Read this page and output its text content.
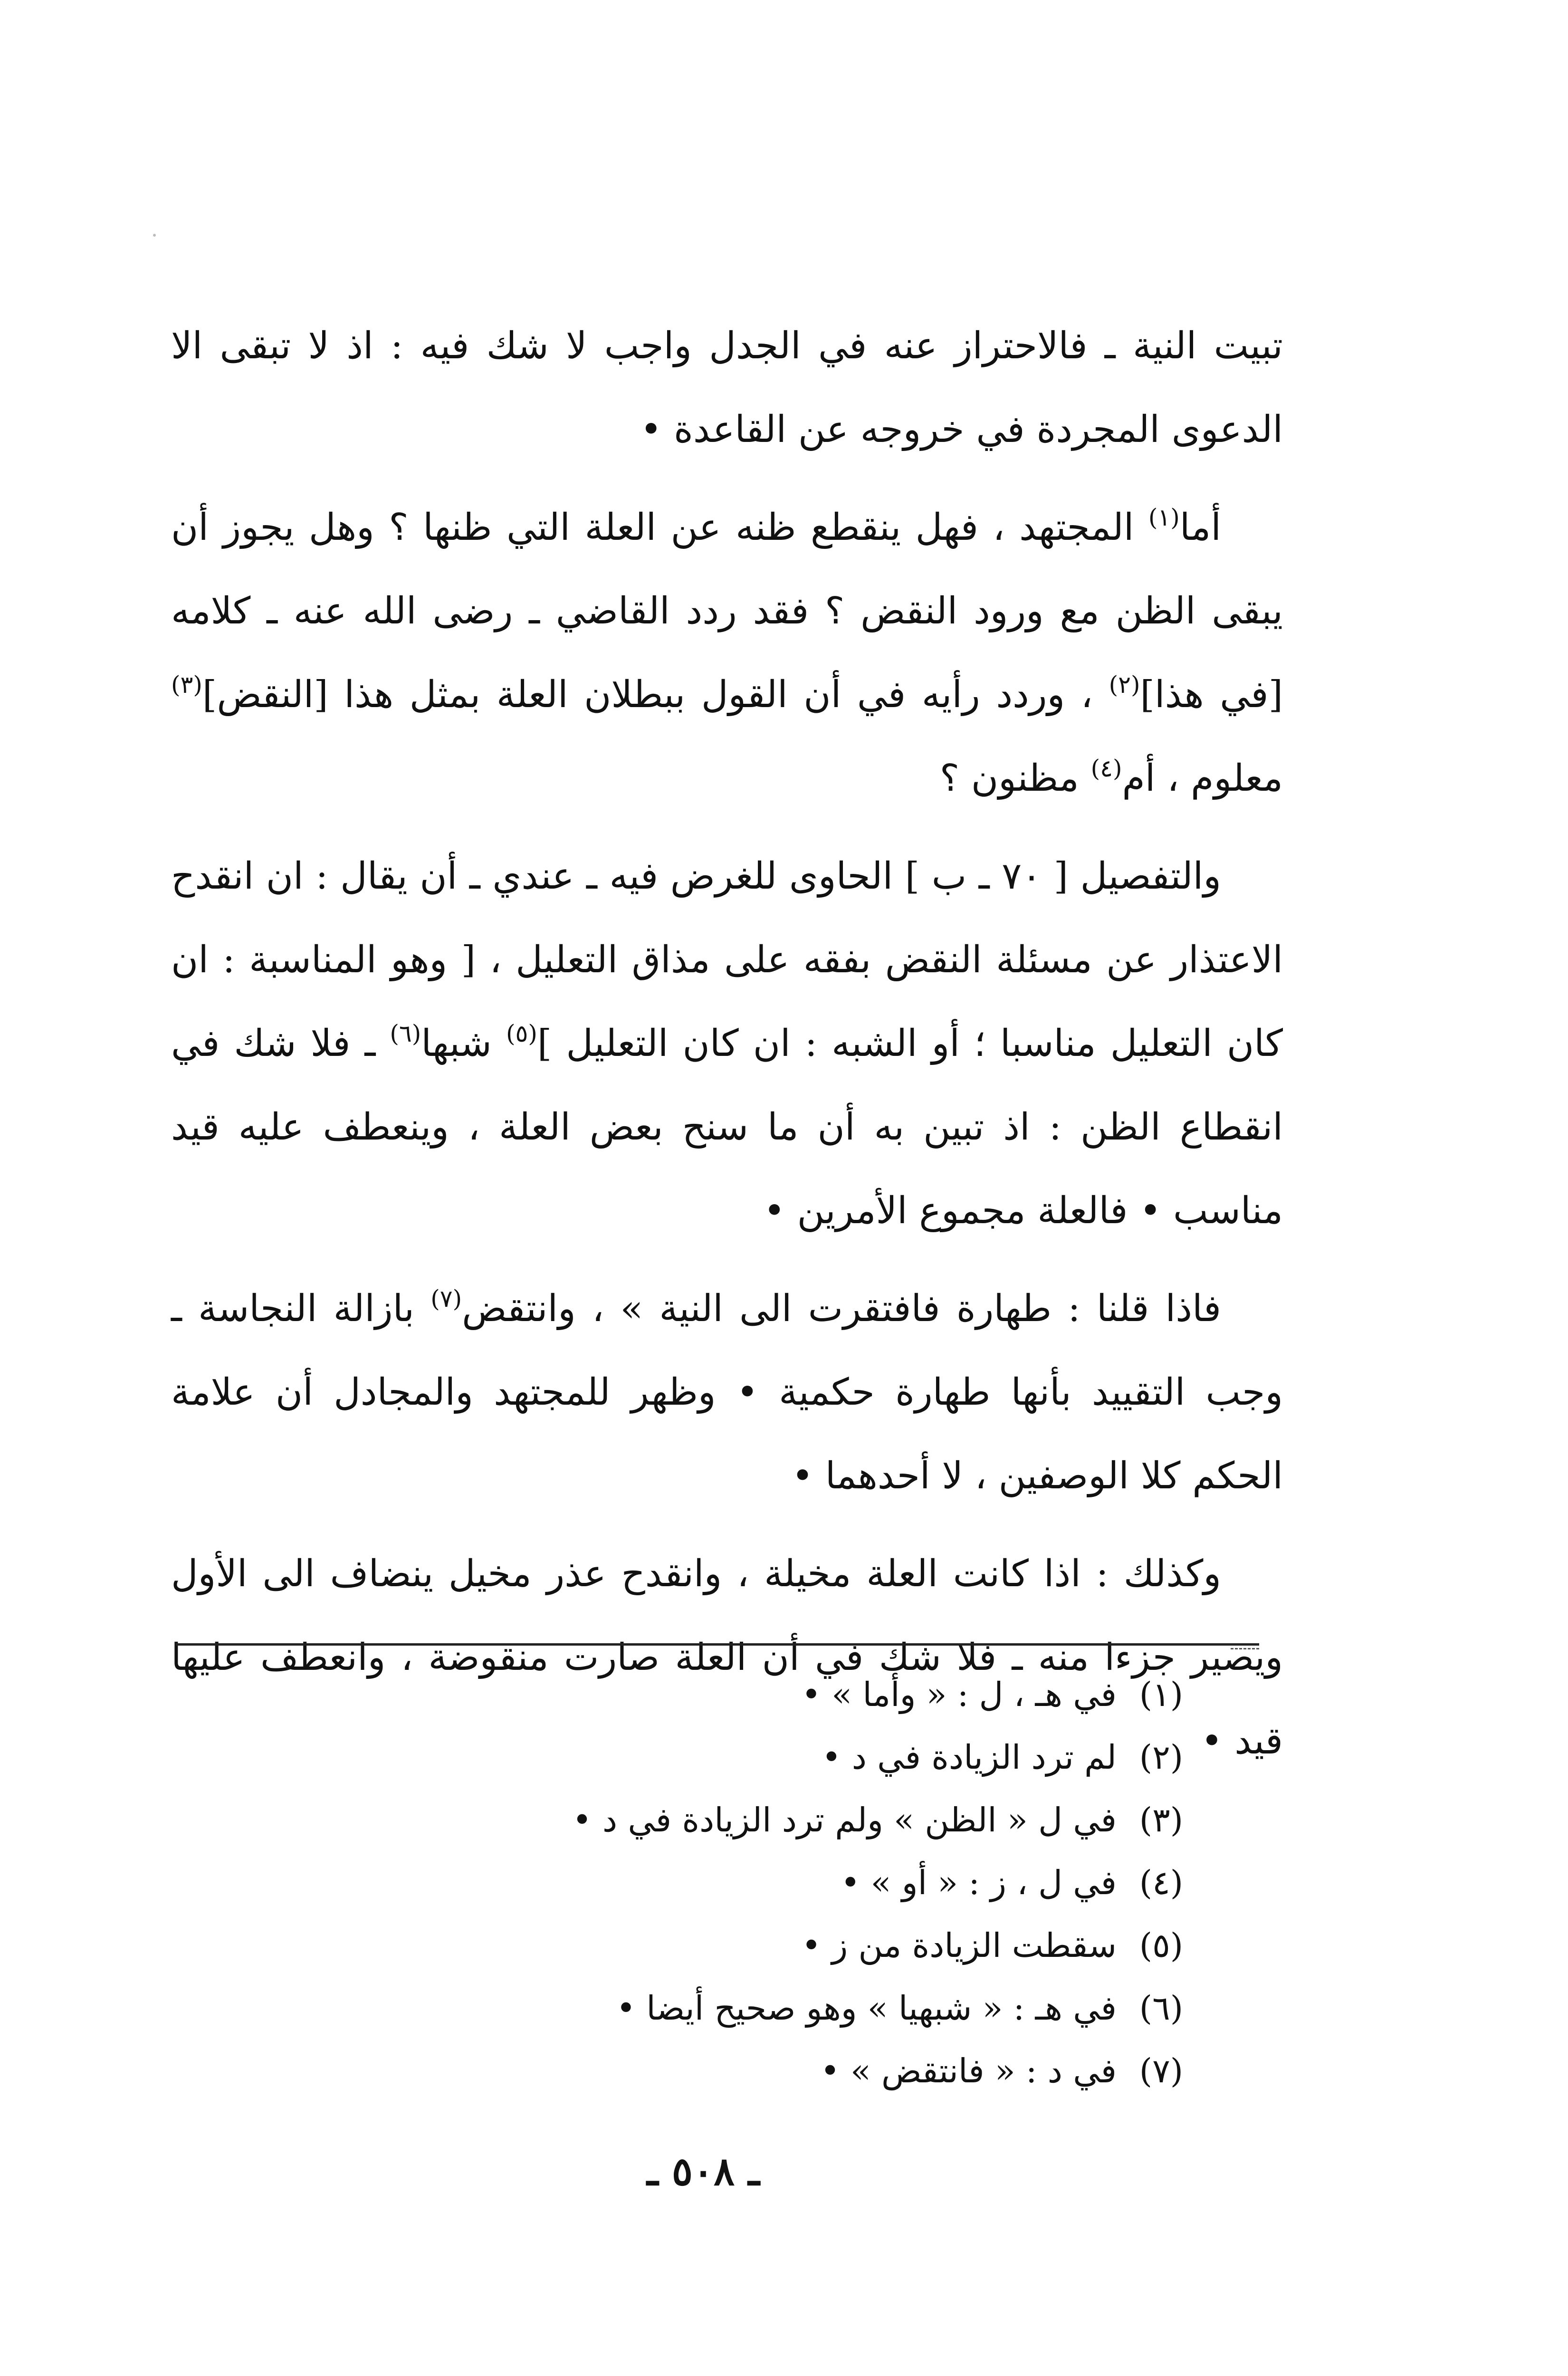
تبيت النية ـ فالاحتراز عنه في الجدل واجب لا شك فيه : اذ لا تبقى الا الدعوى المجردة في خروجه عن القاعدة •

أما$^{(١)}$ المجتهد ، فهل ينقطع ظنه عن العلة التي ظنها ؟ وهل يجوز أن يبقى الظن مع ورود النقض ؟ فقد ردد القاضي ـ رضى الله عنه ـ كلامه [في هذا]$^{(٢)}$ ، وردد رأيه في أن القول ببطلان العلة بمثل هذا [النقض]$^{(٣)}$ معلوم ، أم$^{(٤)}$ مظنون ؟

والتفصيل [ ٧٠ ـ ب ] الحاوى للغرض فيه ـ عندي ـ أن يقال : ان انقدح الاعتذار عن مسئلة النقض بفقه على مذاق التعليل ، [ وهو المناسبة : ان كان التعليل مناسبا ؛ أو الشبه : ان كان التعليل ]$^{(٥)}$ شبها$^{(٦)}$ ـ فلا شك في انقطاع الظن : اذ تبين به أن ما سنح بعض العلة ، وينعطف عليه قيد مناسب • فالعلة مجموع الأمرين •

فاذا قلنا : طهارة فافتقرت الى النية » ، وانتقض$^{(٧)}$ بازالة النجاسة ـ وجب التقييد بأنها طهارة حكمية • وظهر للمجتهد والمجادل أن علامة الحكم كلا الوصفين ، لا أحدهما •

وكذلك : اذا كانت العلة مخيلة ، وانقدح عذر مخيل ينضاف الى الأول ويصير جزءا منه ـ فلا شك في أن العلة صارت منقوضة ، وانعطف عليها قيد •

(١)
في هـ ، ل : « وأما » •
(٢)
لم ترد الزيادة في د •
(٣)
في ل « الظن » ولم ترد الزيادة في د •
(٤)
في ل ، ز : « أو » •
(٥)
سقطت الزيادة من ز •
(٦)
في هـ : « شبهيا » وهو صحيح أيضا •
(٧)
في د : « فانتقض » •
ـ ٥٠٨ ـ
